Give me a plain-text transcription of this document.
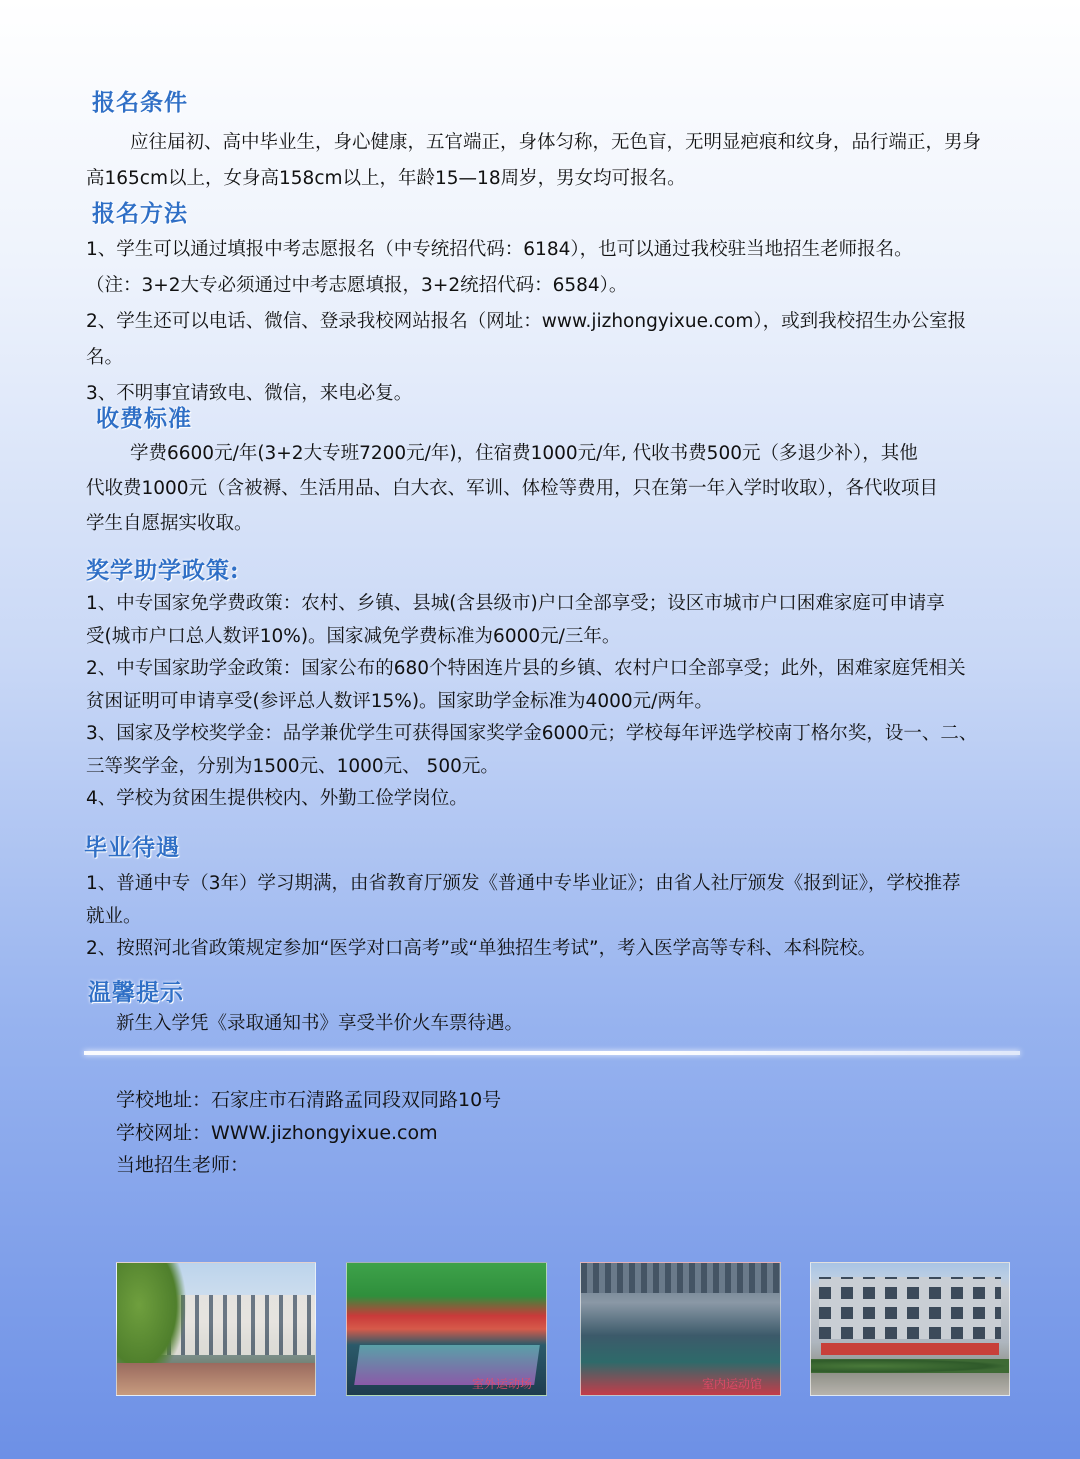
报名条件

应往届初、高中毕业生，身心健康，五官端正，身体匀称，无色盲，无明显疤痕和纹身，品行端正，男身
高165cm以上，女身高158cm以上，年龄15—18周岁，男女均可报名。

报名方法

1、学生可以通过填报中考志愿报名（中专统招代码：6184），也可以通过我校驻当地招生老师报名。
（注：3+2大专必须通过中考志愿填报，3+2统招代码：6584）。
2、学生还可以电话、微信、登录我校网站报名（网址：www.jizhongyixue.com），或到我校招生办公室报名。
3、不明事宜请致电、微信，来电必复。

收费标准

学费6600元/年(3+2大专班7200元/年)，住宿费1000元/年, 代收书费500元（多退少补），其他
代收费1000元（含被褥、生活用品、白大衣、军训、体检等费用，只在第一年入学时收取），各代收项目
学生自愿据实收取。

奖学助学政策:

1、中专国家免学费政策：农村、乡镇、县城(含县级市)户口全部享受；设区市城市户口困难家庭可申请享
受(城市户口总人数评10%)。国家减免学费标准为6000元/三年。
2、中专国家助学金政策：国家公布的680个特困连片县的乡镇、农村户口全部享受；此外，困难家庭凭相关
贫困证明可申请享受(参评总人数评15%)。国家助学金标准为4000元/两年。
3、国家及学校奖学金：品学兼优学生可获得国家奖学金6000元；学校每年评选学校南丁格尔奖，设一、二、
三等奖学金，分别为1500元、1000元、 500元。
4、学校为贫困生提供校内、外勤工俭学岗位。

毕业待遇

1、普通中专（3年）学习期满，由省教育厅颁发《普通中专毕业证》；由省人社厅颁发《报到证》，学校推荐
就业。
2、按照河北省政策规定参加“医学对口高考”或“单独招生考试”，考入医学高等专科、本科院校。

温馨提示

新生入学凭《录取通知书》享受半价火车票待遇。

学校地址：石家庄市石清路孟同段双同路10号
学校网址：WWW.jizhongyixue.com
当地招生老师：
室外运动场	室内运动馆
